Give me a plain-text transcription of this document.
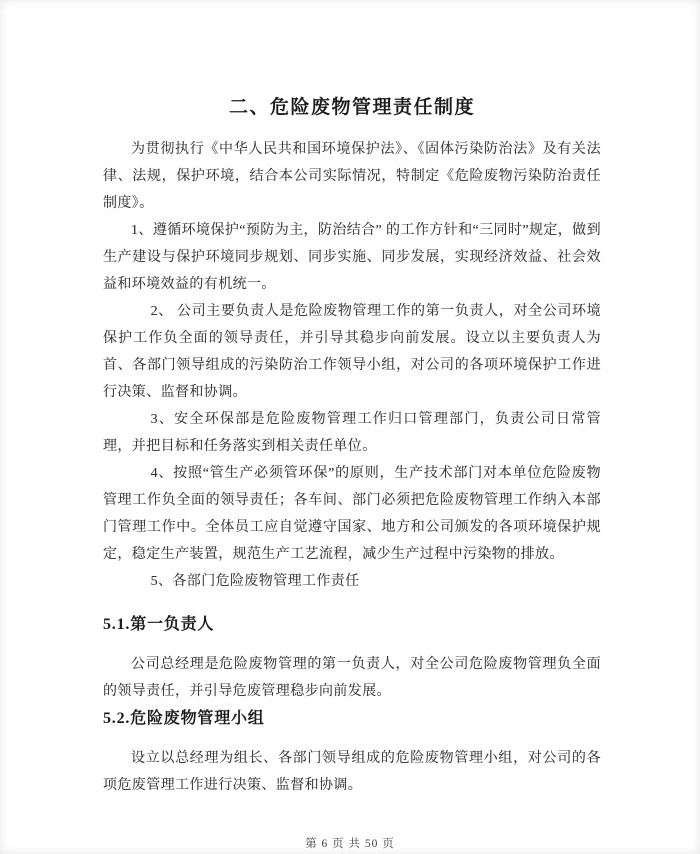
二、危险废物管理责任制度

为贯彻执行《中华人民共和国环境保护法》、《固体污染防治法》及有关法律、法规，保护环境，结合本公司实际情况，特制定《危险废物污染防治责任制度》。

1、遵循环境保护“预防为主，防治结合” 的工作方针和“三同时”规定，做到生产建设与保护环境同步规划、同步实施、同步发展，实现经济效益、社会效益和环境效益的有机统一。

2、 公司主要负责人是危险废物管理工作的第一负责人，对全公司环境保护工作负全面的领导责任，并引导其稳步向前发展。设立以主要负责人为首、各部门领导组成的污染防治工作领导小组，对公司的各项环境保护工作进行决策、监督和协调。

3、安全环保部是危险废物管理工作归口管理部门，负责公司日常管理，并把目标和任务落实到相关责任单位。

4、按照“管生产必须管环保”的原则，生产技术部门对本单位危险废物管理工作负全面的领导责任；各车间、部门必须把危险废物管理工作纳入本部门管理工作中。全体员工应自觉遵守国家、地方和公司颁发的各项环境保护规定，稳定生产装置，规范生产工艺流程，减少生产过程中污染物的排放。

5、各部门危险废物管理工作责任

5.1.第一负责人

公司总经理是危险废物管理的第一负责人，对全公司危险废物管理负全面的领导责任，并引导危废管理稳步向前发展。

5.2.危险废物管理小组

设立以总经理为组长、各部门领导组成的危险废物管理小组，对公司的各项危废管理工作进行决策、监督和协调。

第 6 页 共 50 页
